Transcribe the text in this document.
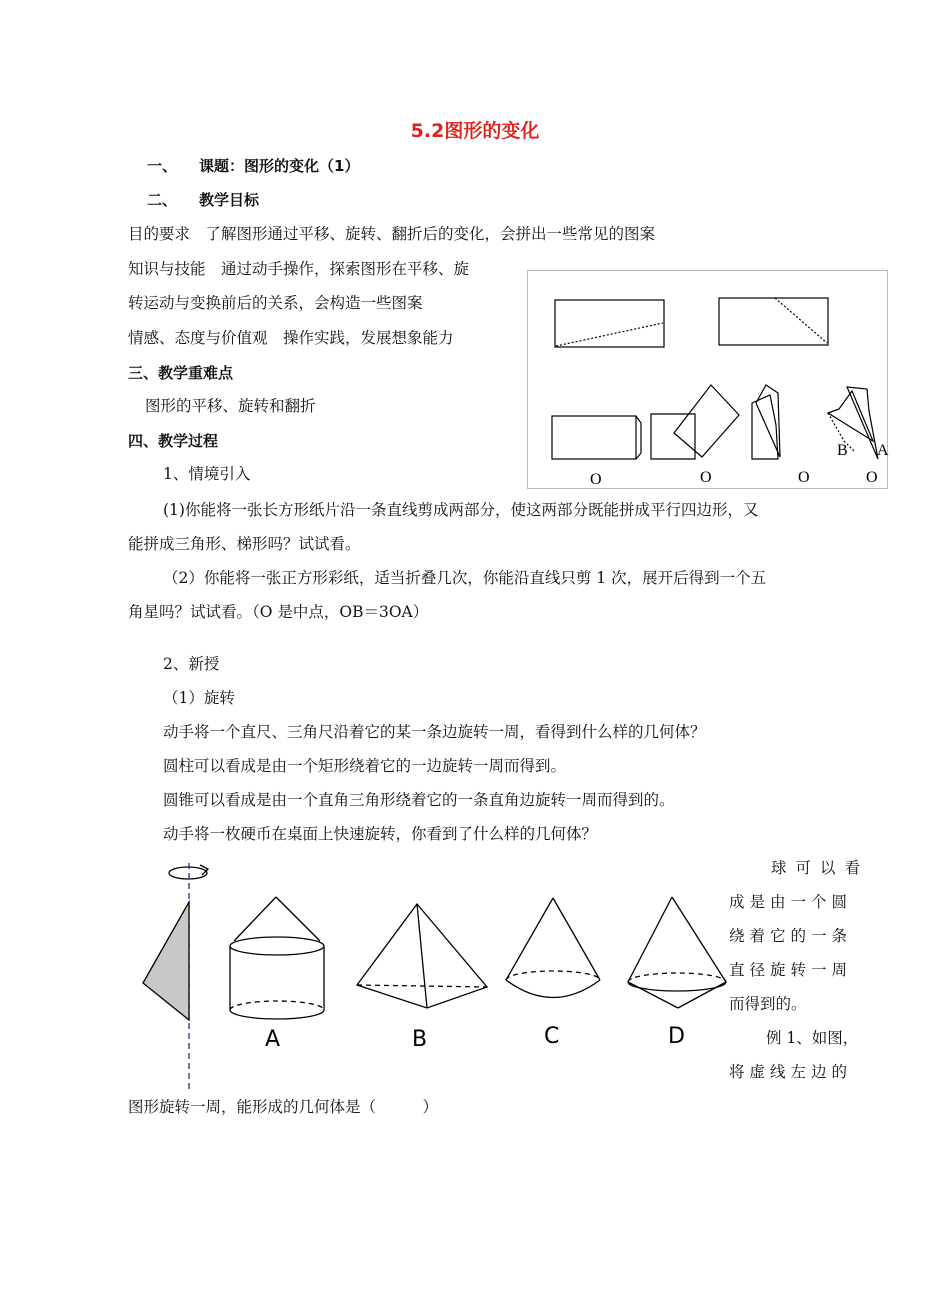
5.2图形的变化
一、 课题：图形的变化（1）
二、 教学目标
目的要求　了解图形通过平移、旋转、翻折后的变化，会拼出一些常见的图案
知识与技能　通过动手操作，探索图形在平移、旋
转运动与变换前后的关系，会构造一些图案
情感、态度与价值观　操作实践，发展想象能力
三、教学重难点
图形的平移、旋转和翻折
四、教学过程
1、情境引入	O	O	O	O
B A
(1)你能将一张长方形纸片沿一条直线剪成两部分，使这两部分既能拼成平行四边形，又
能拼成三角形、梯形吗？试试看。
（2）你能将一张正方形彩纸，适当折叠几次，你能沿直线只剪 1 次，展开后得到一个五
角星吗？试试看。（O 是中点，OB＝3OA）
2、新授
（1）旋转
动手将一个直尺、三角尺沿着它的某一条边旋转一周，看得到什么样的几何体？
圆柱可以看成是由一个矩形绕着它的一边旋转一周而得到。
圆锥可以看成是由一个直角三角形绕着它的一条直角边旋转一周而得到的。
动手将一枚硬币在桌面上快速旋转，你看到了什么样的几何体？
A	B	C	D
球可以看
成是由一个圆
绕着它的一条
直径旋转一周
而得到的。
例 1、如图，
将虚线左边的
图形旋转一周，能形成的几何体是（　　　）
